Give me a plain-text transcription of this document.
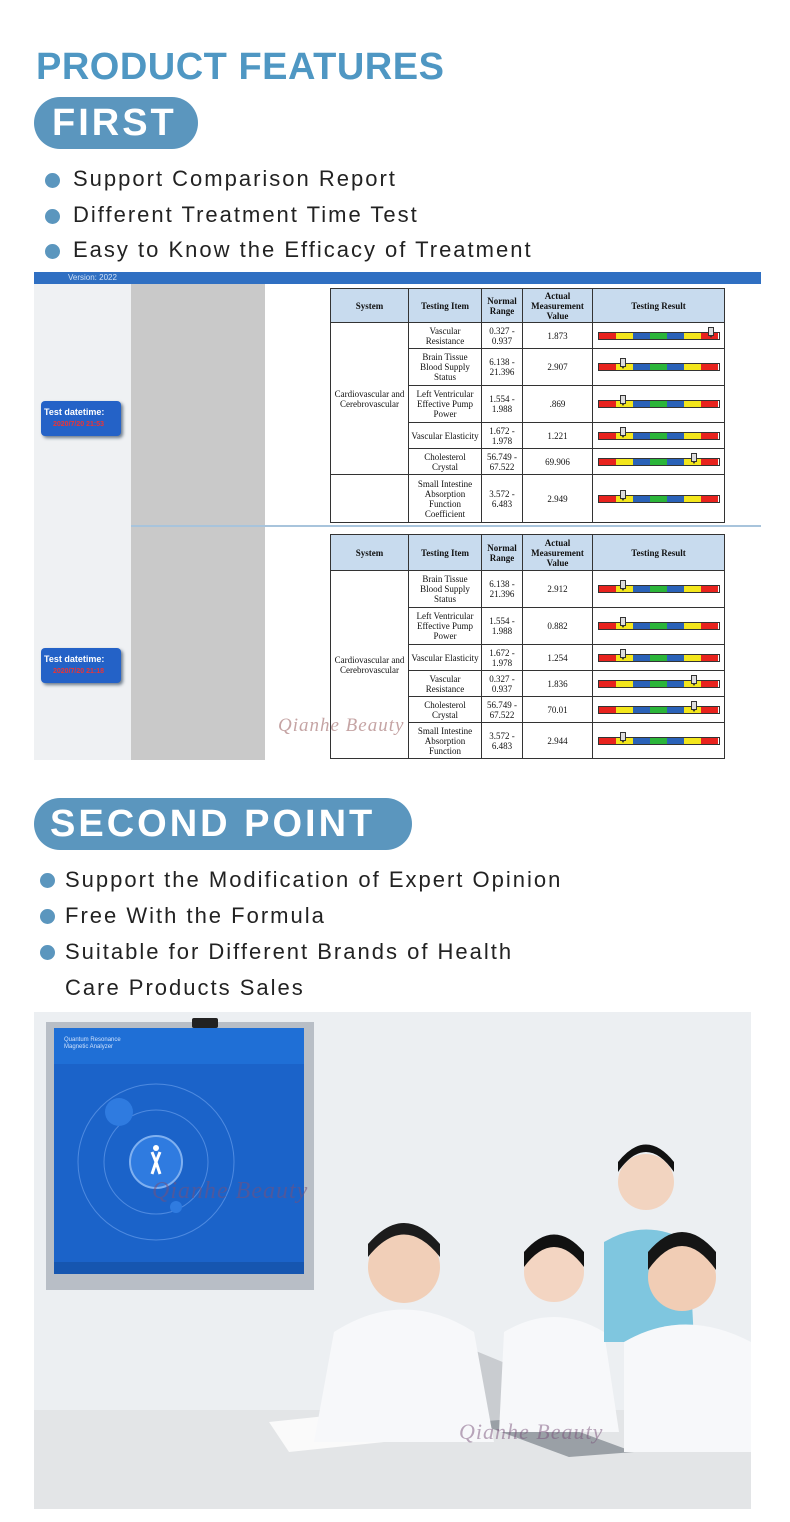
PRODUCT FEATURES
FIRST
Support Comparison Report
Different Treatment Time Test
Easy to Know the Efficacy of Treatment
Version: 2022
Test datetime:
2020/7/20 21:53
Test datetime:
2020/7/20 21:18
System	Testing Item	Normal Range	Actual Measurement Value	Testing Result
Cardiovascular and Cerebrovascular	Vascular Resistance	0.327 - 0.937	1.873	

	Brain Tissue Blood Supply Status	6.138 - 21.396	2.907	

	Left Ventricular Effective Pump Power	1.554 - 1.988	.869	

	Vascular Elasticity	1.672 - 1.978	1.221	

	Cholesterol Crystal	56.749 - 67.522	69.906	

	Small Intestine Absorption Function Coefficient	3.572 - 6.483	2.949	
System	Testing Item	Normal Range	Actual Measurement Value	Testing Result
Cardiovascular and Cerebrovascular	Brain Tissue Blood Supply Status	6.138 - 21.396	2.912	

	Left Ventricular Effective Pump Power	1.554 - 1.988	0.882	

	Vascular Elasticity	1.672 - 1.978	1.254	

	Vascular Resistance	0.327 - 0.937	1.836	

	Cholesterol Crystal	56.749 - 67.522	70.01	

	Small Intestine Absorption Function	3.572 - 6.483	2.944	
Qianhe Beauty
SECOND POINT
Support the Modification of Expert Opinion
Free With the Formula
Suitable for Different Brands of Health
Care Products Sales
Quantum Resonance
Magnetic Analyzer
Qianhe Beauty
Qianhe Beauty
